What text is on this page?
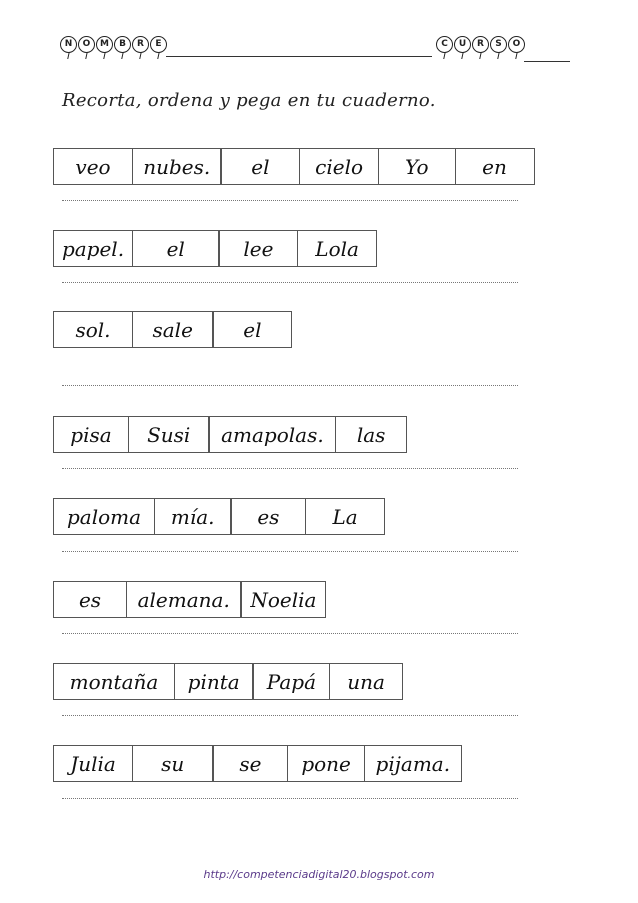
N	O	M	B	R	E	C	U	R	S	O
Recorta, ordena y pega en tu cuaderno.
veo	nubes.	el	cielo	Yo	en
papel.	el	lee	Lola
sol.	sale	el
pisa	Susi	amapolas.	las
paloma	mía.	es	La
es	alemana.	Noelia
montaña	pinta	Papá	una
Julia	su	se	pone	pijama.
http://competenciadigital20.blogspot.com
